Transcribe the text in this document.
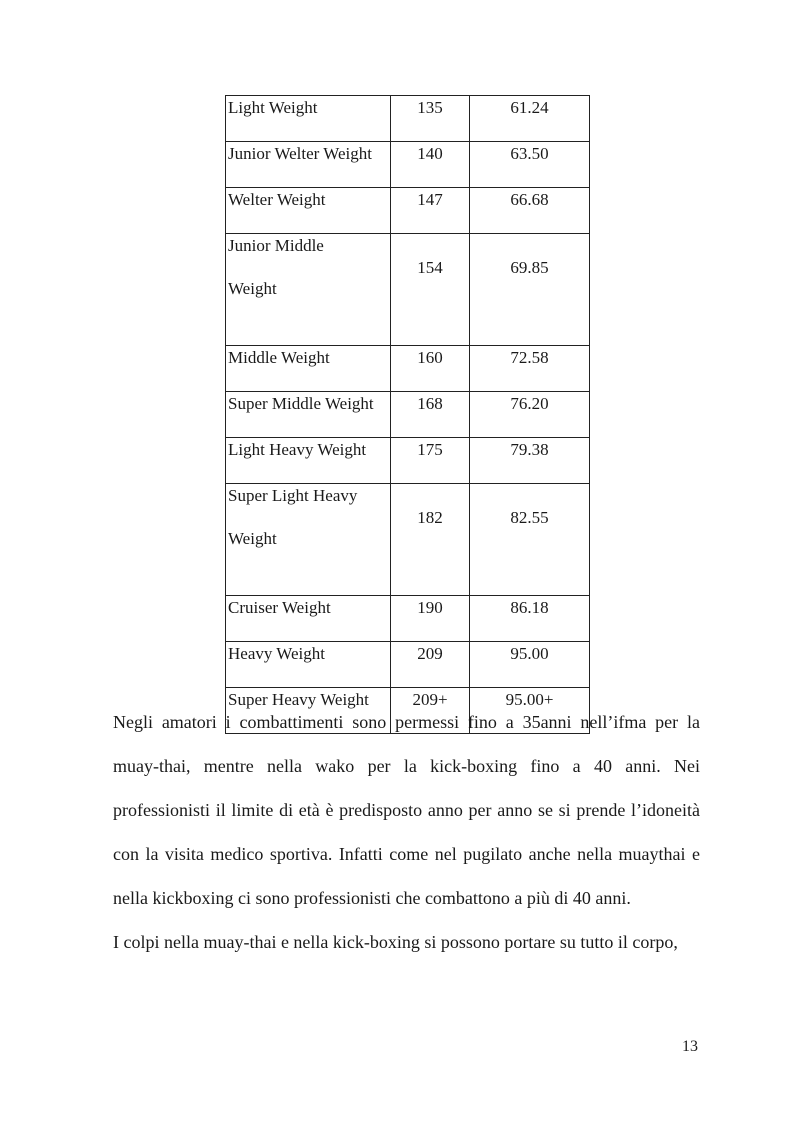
Light Weight	135	61.24
Junior Welter Weight	140	63.50
Welter Weight	147	66.68

Junior Middle Weight	154	69.85
Middle Weight	160	72.58
Super Middle Weight	168	76.20
Light Heavy Weight	175	79.38

Super Light Heavy Weight	182	82.55
Cruiser Weight	190	86.18
Heavy Weight	209	95.00
Super Heavy Weight	209+	95.00+

Negli amatori i combattimenti sono permessi fino a 35anni nell’ifma per la muay-thai, mentre nella wako per la kick-boxing fino a 40 anni. Nei professionisti il limite di età è predisposto anno per anno se si prende l’idoneità con la visita medico sportiva. Infatti come nel pugilato anche nella muaythai e nella kickboxing ci sono professionisti che combattono a più di 40 anni.

I colpi nella muay-thai e nella kick-boxing si possono portare su tutto il corpo,

13
